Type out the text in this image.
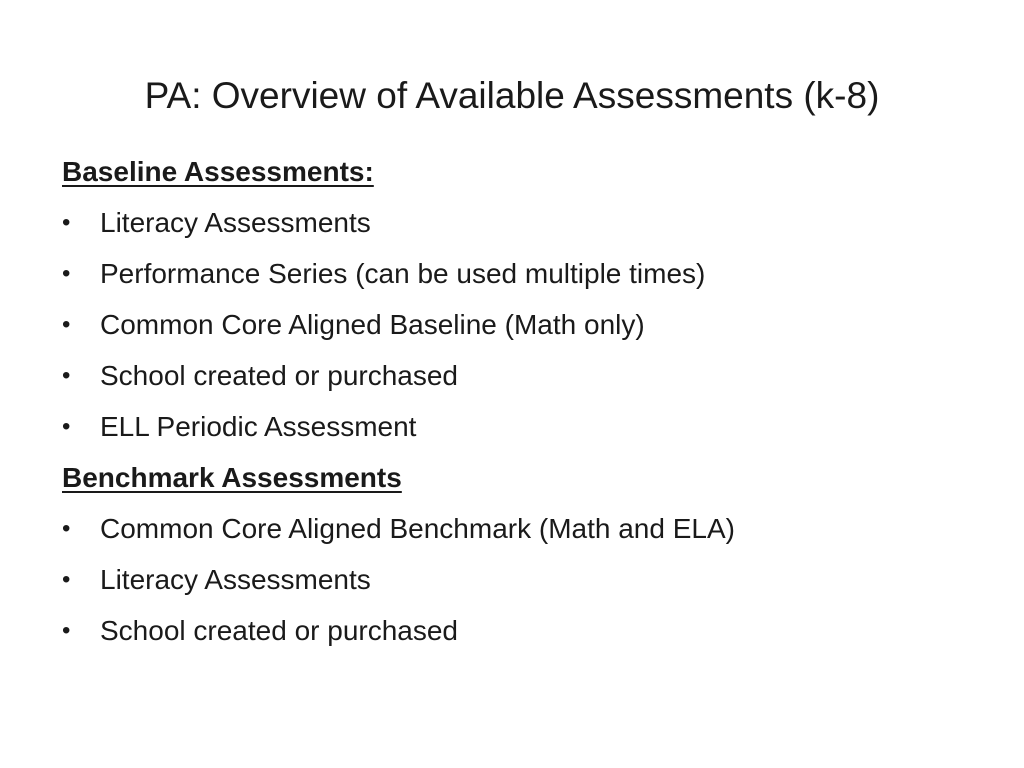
PA: Overview of Available Assessments (k-8)

Baseline Assessments:

•	Literacy Assessments
•	Performance Series (can be used multiple times)
•	Common Core Aligned Baseline (Math only)
•	School created or purchased
•	ELL Periodic Assessment

Benchmark Assessments

•	Common Core Aligned Benchmark (Math and ELA)
•	Literacy Assessments
•	School created or purchased
